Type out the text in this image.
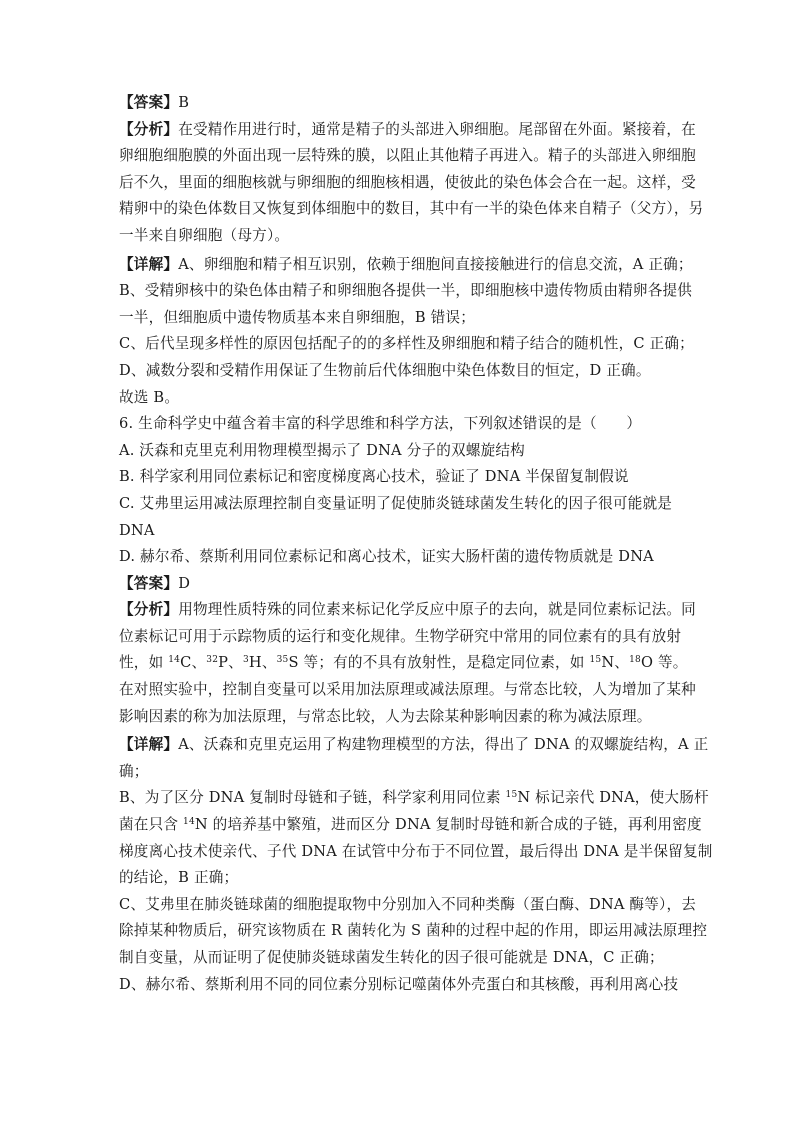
【答案】B
【分析】在受精作用进行时，通常是精子的头部进入卵细胞。尾部留在外面。紧接着，在
卵细胞细胞膜的外面出现一层特殊的膜，以阻止其他精子再进入。精子的头部进入卵细胞
后不久，里面的细胞核就与卵细胞的细胞核相遇，使彼此的染色体会合在一起。这样，受
精卵中的染色体数目又恢复到体细胞中的数目，其中有一半的染色体来自精子（父方），另
一半来自卵细胞（母方）。
【详解】A、卵细胞和精子相互识别，依赖于细胞间直接接触进行的信息交流，A 正确；
B、受精卵核中的染色体由精子和卵细胞各提供一半，即细胞核中遗传物质由精卵各提供
一半，但细胞质中遗传物质基本来自卵细胞，B 错误；
C、后代呈现多样性的原因包括配子的的多样性及卵细胞和精子结合的随机性，C 正确；
D、减数分裂和受精作用保证了生物前后代体细胞中染色体数目的恒定，D 正确。
故选 B。
6. 生命科学史中蕴含着丰富的科学思维和科学方法，下列叙述错误的是（　　）
A. 沃森和克里克利用物理模型揭示了 DNA 分子的双螺旋结构
B. 科学家利用同位素标记和密度梯度离心技术，验证了 DNA 半保留复制假说
C. 艾弗里运用减法原理控制自变量证明了促使肺炎链球菌发生转化的因子很可能就是
DNA
D. 赫尔希、蔡斯利用同位素标记和离心技术，证实大肠杆菌的遗传物质就是 DNA
【答案】D
【分析】用物理性质特殊的同位素来标记化学反应中原子的去向，就是同位素标记法。同
位素标记可用于示踪物质的运行和变化规律。生物学研究中常用的同位素有的具有放射
性，如 $^{14}$C、$^{32}$P、$^3$H、$^{35}$S 等；有的不具有放射性，是稳定同位素，如 $^{15}$N、$^{18}$O 等。
在对照实验中，控制自变量可以采用加法原理或减法原理。与常态比较，人为增加了某种
影响因素的称为加法原理，与常态比较，人为去除某种影响因素的称为减法原理。
【详解】A、沃森和克里克运用了构建物理模型的方法，得出了 DNA 的双螺旋结构，A 正
确；
B、为了区分 DNA 复制时母链和子链，科学家利用同位素 $^{15}$N 标记亲代 DNA，使大肠杆
菌在只含 $^{14}$N 的培养基中繁殖，进而区分 DNA 复制时母链和新合成的子链，再利用密度
梯度离心技术使亲代、子代 DNA 在试管中分布于不同位置，最后得出 DNA 是半保留复制
的结论，B 正确；
C、艾弗里在肺炎链球菌的细胞提取物中分别加入不同种类酶（蛋白酶、DNA 酶等），去
除掉某种物质后，研究该物质在 R 菌转化为 S 菌种的过程中起的作用，即运用减法原理控
制自变量，从而证明了促使肺炎链球菌发生转化的因子很可能就是 DNA，C 正确；
D、赫尔希、蔡斯利用不同的同位素分别标记噬菌体外壳蛋白和其核酸，再利用离心技
